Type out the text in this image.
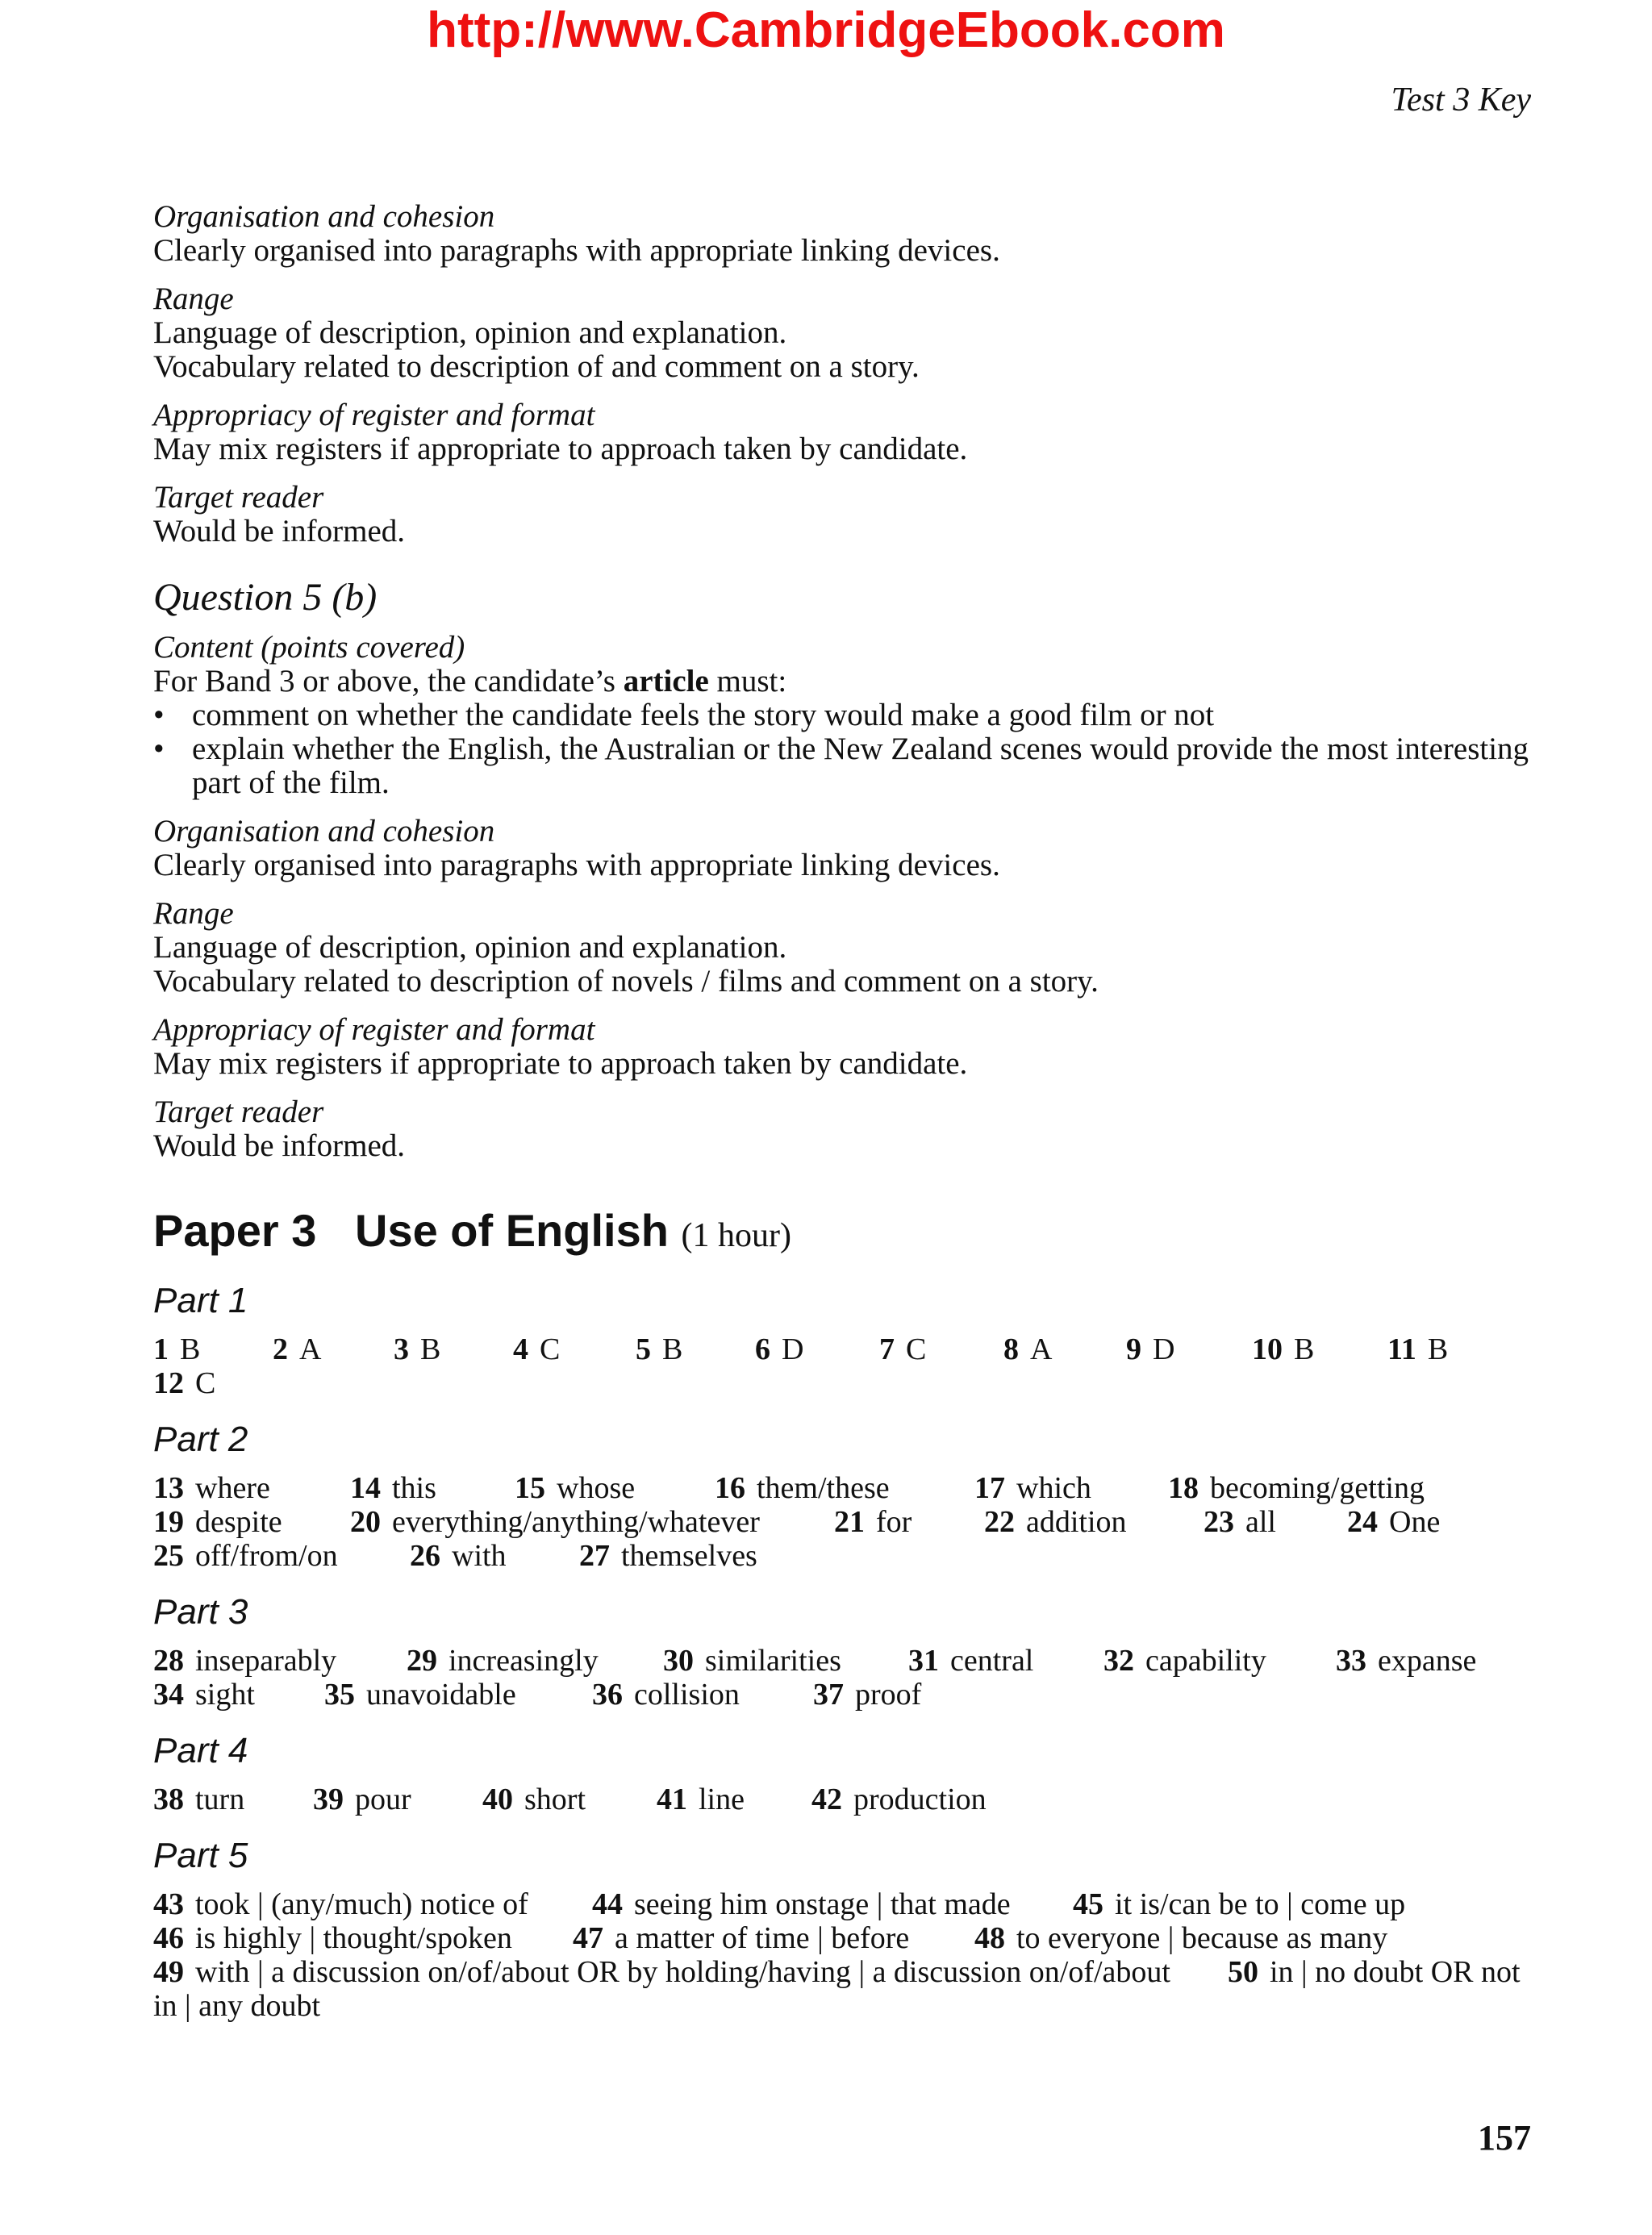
http://www.CambridgeEbook.com
Test 3 Key
Organisation and cohesion
Clearly organised into paragraphs with appropriate linking devices.
Range
Language of description, opinion and explanation.
Vocabulary related to description of and comment on a story.
Appropriacy of register and format
May mix registers if appropriate to approach taken by candidate.
Target reader
Would be informed.
Question 5 (b)
Content (points covered)
For Band 3 or above, the candidate’s article must:
• comment on whether the candidate feels the story would make a good film or not
• explain whether the English, the Australian or the New Zealand scenes would provide the most interesting part of the film.
Organisation and cohesion
Clearly organised into paragraphs with appropriate linking devices.
Range
Language of description, opinion and explanation.
Vocabulary related to description of novels / films and comment on a story.
Appropriacy of register and format
May mix registers if appropriate to approach taken by candidate.
Target reader
Would be informed.
Paper 3 Use of English (1 hour)
Part 1
1 B 2 A 3 B 4 C 5 B 6 D 7 C	8 A 9 D	10 B 11 B
12 C
Part 2
13 where	14 this	15 whose	16 them/these	17 which	18 becoming/getting
19 despite 20 everything/anything/whatever 21 for 22 addition	23 all 24 One
25 off/from/on 26 with 27 themselves
Part 3
28 inseparably 29 increasingly 30 similarities 31 central 32 capability 33 expanse
34 sight 35 unavoidable 36 collision 37 proof
Part 4
38 turn 39 pour 40 short 41 line 42 production
Part 5
43 took | (any/much) notice of 44 seeing him onstage | that made 45 it is/can be to | come up
46 is highly | thought/spoken 47 a matter of time | before 48 to everyone | because as many
49 with | a discussion on/of/about OR by holding/having | a discussion on/of/about 50 in | no doubt OR not
in | any doubt
157
